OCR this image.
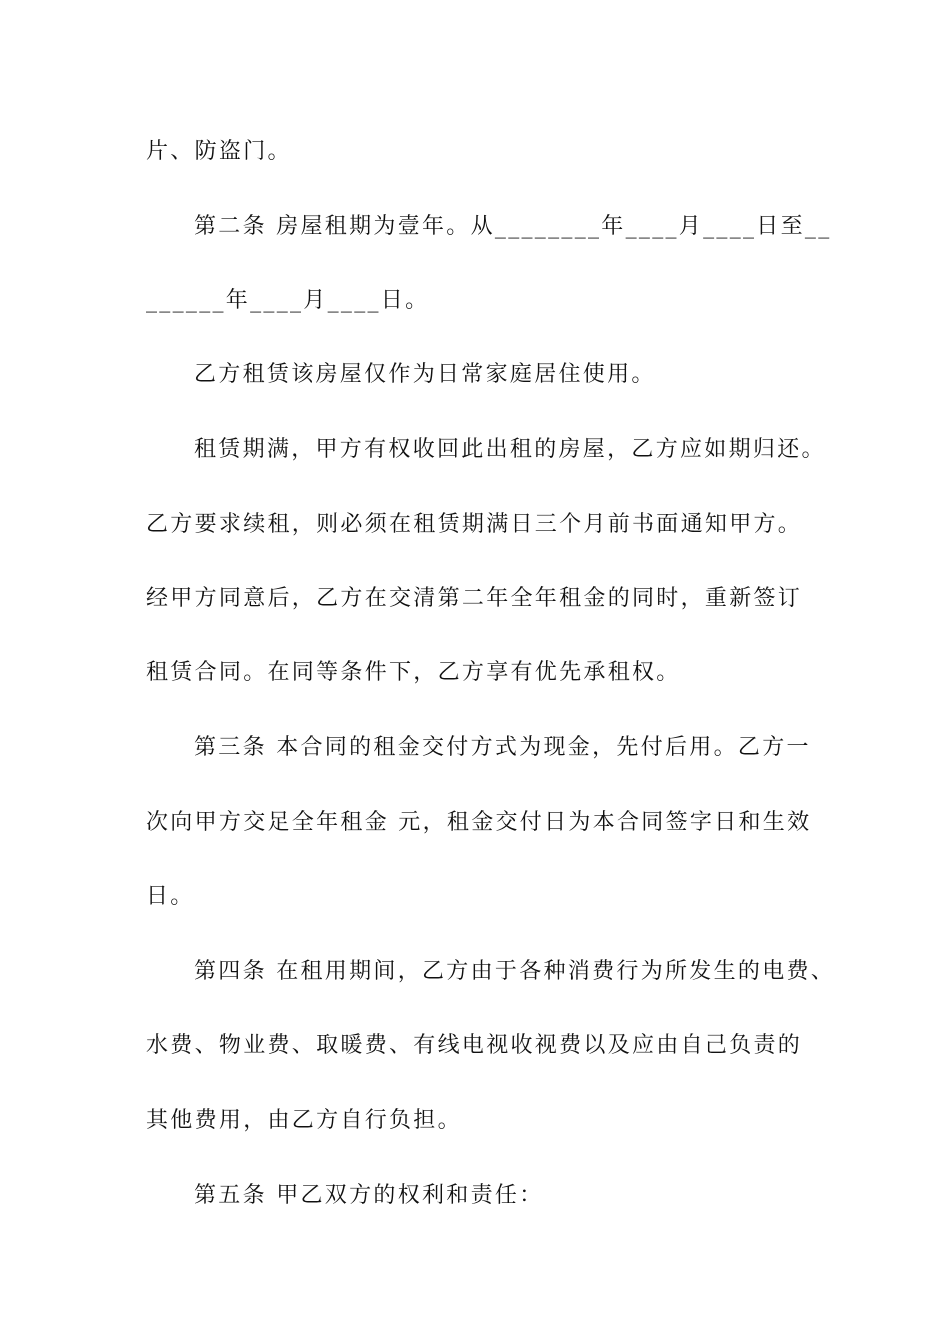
片、防盗门。
第二条 房屋租期为壹年。从________年____月____日至__
______年____月____日。
乙方租赁该房屋仅作为日常家庭居住使用。
租赁期满，甲方有权收回此出租的房屋，乙方应如期归还。
乙方要求续租，则必须在租赁期满日三个月前书面通知甲方。
经甲方同意后，乙方在交清第二年全年租金的同时，重新签订
租赁合同。在同等条件下，乙方享有优先承租权。
第三条 本合同的租金交付方式为现金，先付后用。乙方一
次向甲方交足全年租金 元，租金交付日为本合同签字日和生效
日。
第四条 在租用期间，乙方由于各种消费行为所发生的电费、
水费、物业费、取暖费、有线电视收视费以及应由自己负责的
其他费用，由乙方自行负担。
第五条 甲乙双方的权利和责任：
